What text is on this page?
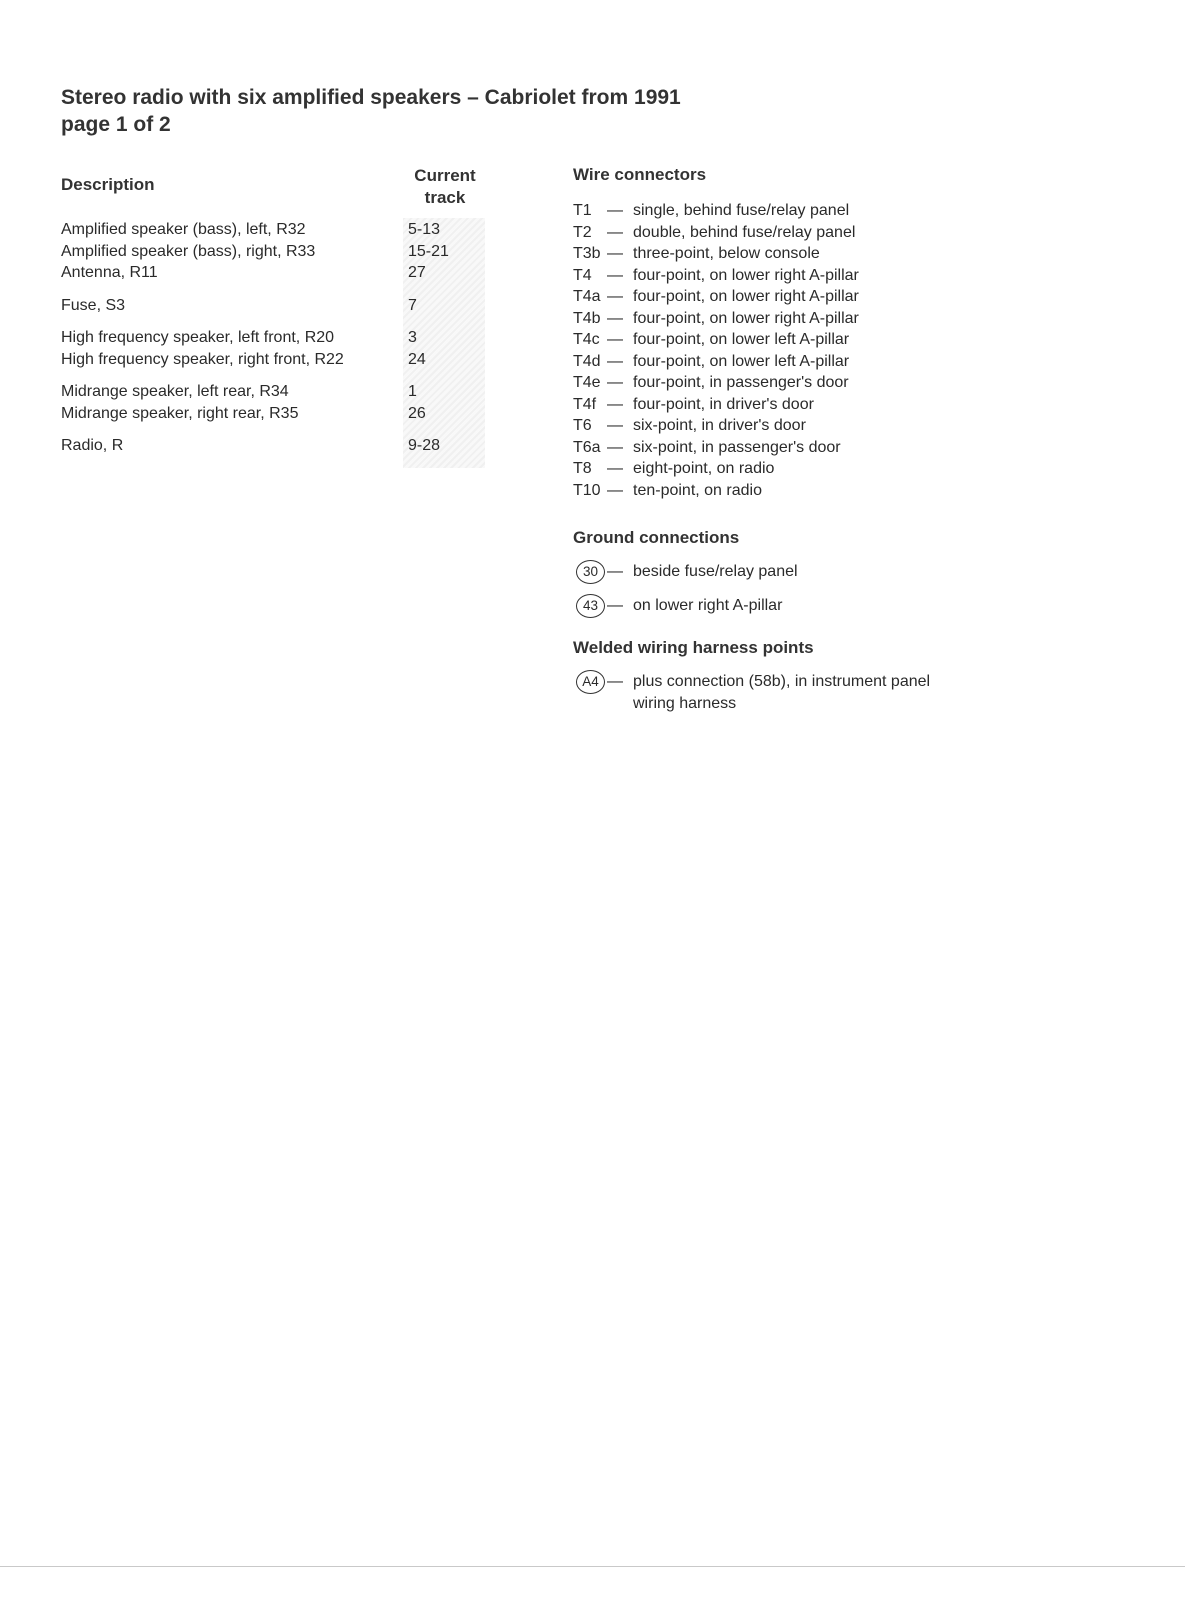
Stereo radio with six amplified speakers – Cabriolet from 1991
page 1 of 2
Description	Current
track
Amplified speaker (bass), left, R32	5-13
Amplified speaker (bass), right, R33	15-21
Antenna, R11	27
Fuse, S3	7
High frequency speaker, left front, R20	3
High frequency speaker, right front, R22	24
Midrange speaker, left rear, R34	1
Midrange speaker, right rear, R35	26
Radio, R	9-28
Wire connectors
T1 — single, behind fuse/relay panel
T2 — double, behind fuse/relay panel
T3b — three-point, below console
T4 — four-point, on lower right A-pillar
T4a — four-point, on lower right A-pillar
T4b — four-point, on lower right A-pillar
T4c — four-point, on lower left A-pillar
T4d — four-point, on lower left A-pillar
T4e — four-point, in passenger's door
T4f — four-point, in driver's door
T6 — six-point, in driver's door
T6a — six-point, in passenger's door
T8 — eight-point, on radio
T10 — ten-point, on radio
Ground connections
30 — beside fuse/relay panel
43 — on lower right A-pillar
Welded wiring harness points
A4 — plus connection (58b), in instrument panel
wiring harness
